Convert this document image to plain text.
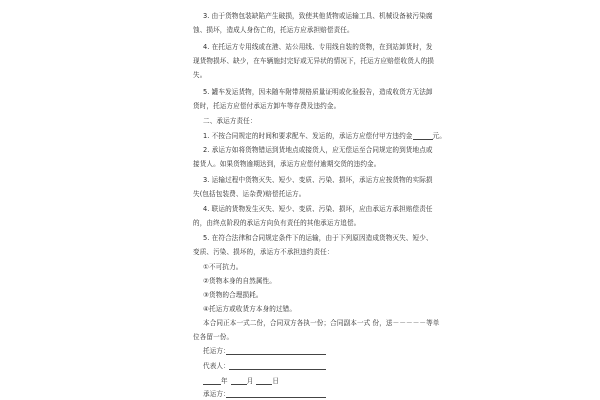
3. 由于货物包装缺陷产生破损，致使其他货物或运输工具、机械设备被污染腐
蚀、损坏，造成人身伤亡的，托运方应承担赔偿责任。
4. 在托运方专用线或在港、站公用线、专用线自装的货物，在到站卸货时，发
现货物损坏、缺少，在车辆施封完好或无异状的情况下，托运方应赔偿收货人的损
失。
5. 罐车发运货物，因未随车附带规格质量证明或化验报告，造成收货方无法卸
货时，托运方应偿付承运方卸车等存费及违约金。
二、承运方责任：
1. 不按合同规定的时间和要求配车、发运的，承运方应偿付甲方违约金	元。
2. 承运方如将货物错运到货地点或接货人，应无偿运至合同规定的到货地点或
接货人。如果货物逾期达到，承运方应偿付逾期交货的违约金。
3. 运输过程中货物灭失、短少、变质、污染、损坏，承运方应按货物的实际损
失(包括包装费、运杂费)赔偿托运方。
4. 联运的货物发生灭失、短少、变质、污染、损坏，应由承运方承担赔偿责任
的，由终点阶段的承运方向负有责任的其他承运方追偿。
5. 在符合法律和合同规定条件下的运输，由于下列原因造成货物灭失、短少、
变质、污染、损坏的，承运方不承担违约责任：
①不可抗力。
②货物本身的自然属性。
③货物的合理损耗。
④托运方或收货方本身的过错。
本合同正本一式二份，合同双方各执一份；合同副本一式 份，送－－－－－等单
位各留一份。
托运方：
代表人：
年	月	日
承运方：
